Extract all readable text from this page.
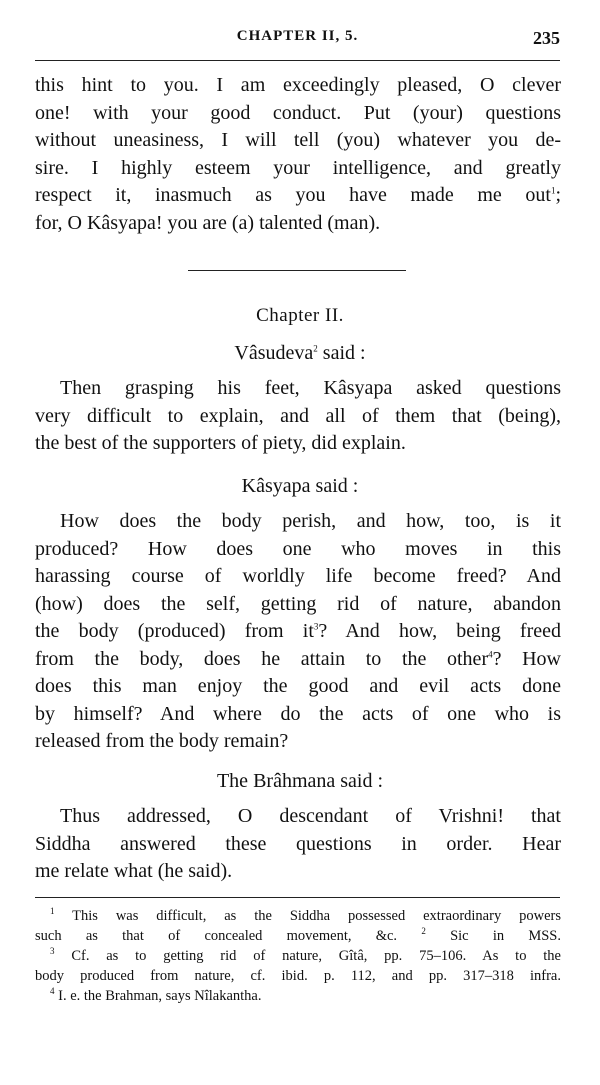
CHAPTER II, 5.	235
this hint to you. I am exceedingly pleased, O clever
one! with your good conduct. Put (your) questions
without uneasiness, I will tell (you) whatever you de-
sire. I highly esteem your intelligence, and greatly
respect it, inasmuch as you have made me out$^1$;
for, O Kâsyapa! you are (a) talented (man).
Chapter II.
Vâsudeva$^2$ said :
Then grasping his feet, Kâsyapa asked questions
very difficult to explain, and all of them that (being),
the best of the supporters of piety, did explain.
Kâsyapa said :
How does the body perish, and how, too, is it
produced? How does one who moves in this
harassing course of worldly life become freed? And
(how) does the self, getting rid of nature, abandon
the body (produced) from $it^3$? And how, being freed
from the body, does he attain to the other$^4$? How
does this man enjoy the good and evil acts done
by himself? And where do the acts of one who is
released from the body remain?
The Brâhmana said :
Thus addressed, O descendant of Vrishni! that
Siddha answered these questions in order. Hear
me relate what (he said).
$^1$ This was difficult, as the Siddha possessed extraordinary powers
such as that of concealed movement, &c.	$^2$ Sic in MSS.
$^3$ Cf. as to getting rid of nature, Gîtâ, pp. 75–106. As to the
body produced from nature, cf. ibid. p. 112, and pp. 317–318 infra.
$^4$ I. e. the Brahman, says Nîlakantha.
